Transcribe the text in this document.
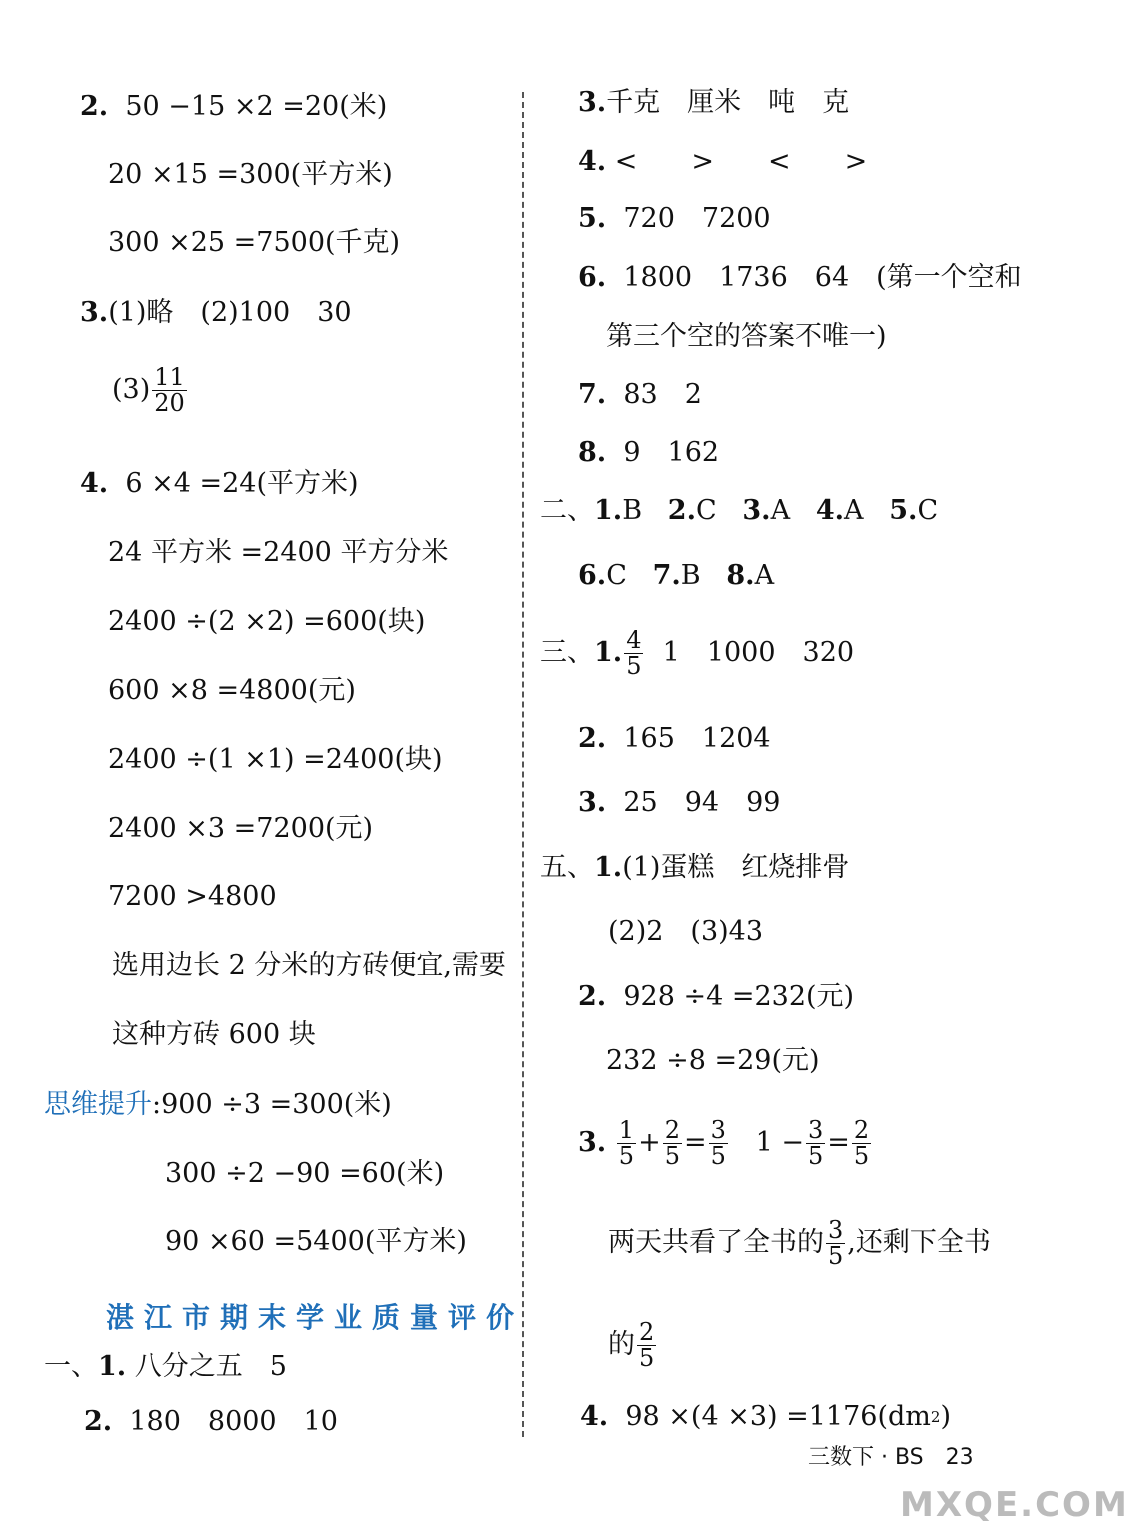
2. 50 −15 ×2 =20(米)
20 ×15 =300(平方米)
300 ×25 =7500(千克)
3.(1)略　(2)100　30
$(3) \frac{11}{20}$
4. 6 ×4 =24(平方米)
24 平方米 =2400 平方分米
2400 ÷(2 ×2) =600(块)
600 ×8 =4800(元)
2400 ÷(1 ×1) =2400(块)
2400 ×3 =7200(元)
7200 >4800
选用边长 2 分米的方砖便宜,需要
这种方砖 600 块
思维提升:900 ÷3 =300(米)
300 ÷2 −90 =60(米)
90 ×60 =5400(平方米)
湛江市期末学业质量评价
一、1. 八分之五　5
2. 180　8000　10
3.千克　厘米　吨　克
4. <　　>　　<　　>
5. 720　7200
6. 1800　1736　64　(第一个空和
第三个空的答案不唯一)
7. 83　2
8. 9　162
二、1.B 2.C 3.A 4.A 5.C
6.C 7.B 8.A
三、1. $\frac{4}{5} 1$　1000　320
2. 165　1204
3. 25　94　99
五、1.(1)蛋糕　红烧排骨
(2)2　(3)43
2. 928 ÷4 =232(元)
232 ÷8 =29(元)
3. $\frac{1}{5} + \frac{2}{5} = \frac{3}{5} 1 - \frac{3}{5} = \frac{2}{5}$
两天共看了全书的 $\frac{3}{5}$ ,还剩下全书
的 $\frac{2}{5}$
4. $98 \times(4 \times 3) =1176(dm^2)$
三数下 · BS　23
MXQE.COM
